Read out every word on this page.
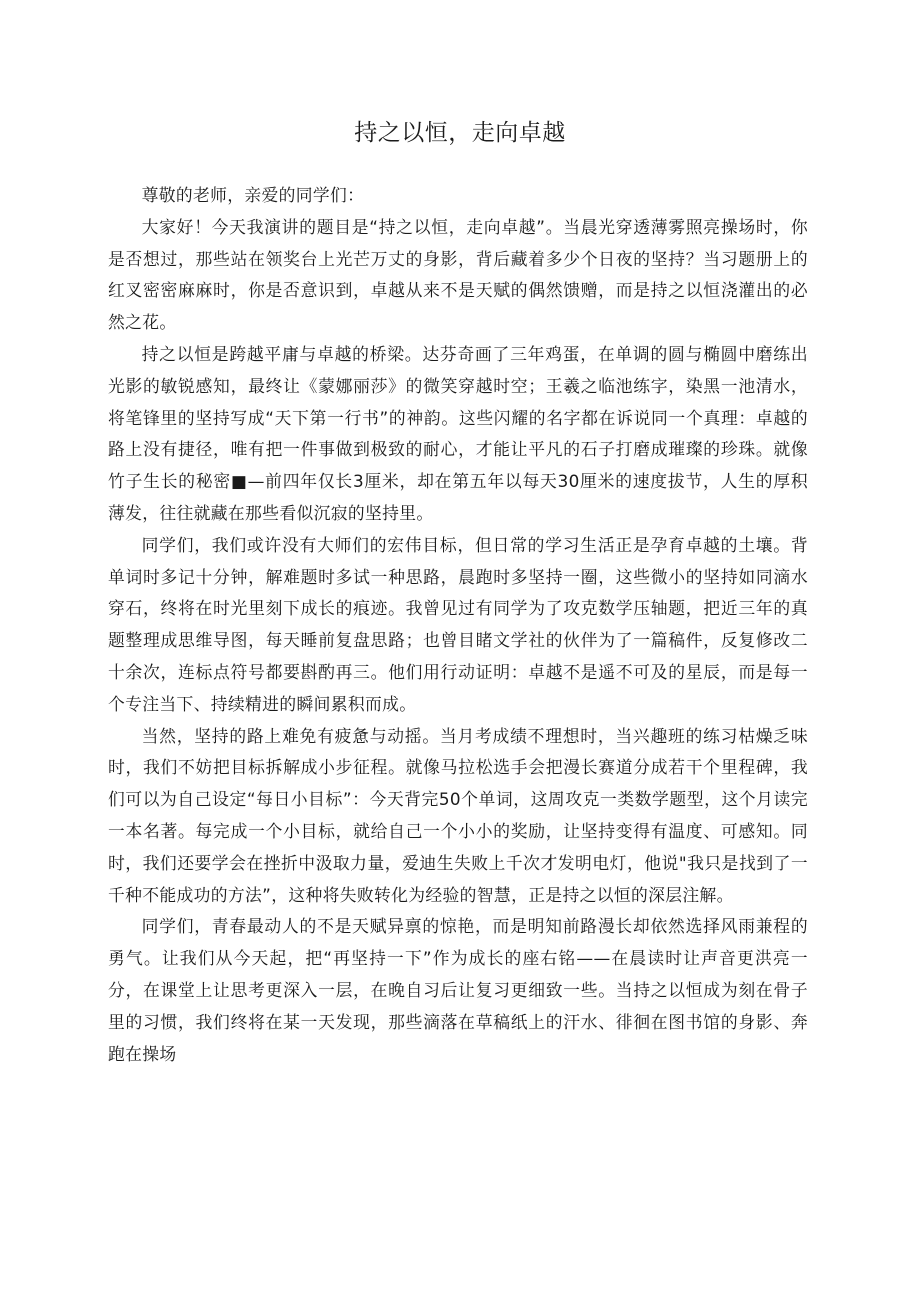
持之以恒，走向卓越

尊敬的老师，亲爱的同学们：

大家好！今天我演讲的题目是“持之以恒，走向卓越”。当晨光穿透薄雾照亮操场时，你是否想过，那些站在领奖台上光芒万丈的身影，背后藏着多少个日夜的坚持？当习题册上的红叉密密麻麻时，你是否意识到，卓越从来不是天赋的偶然馈赠，而是持之以恒浇灌出的必然之花。

持之以恒是跨越平庸与卓越的桥梁。达芬奇画了三年鸡蛋，在单调的圆与椭圆中磨练出光影的敏锐感知，最终让《蒙娜丽莎》的微笑穿越时空；王羲之临池练字，染黑一池清水，将笔锋里的坚持写成“天下第一行书”的神韵。这些闪耀的名字都在诉说同一个真理：卓越的路上没有捷径，唯有把一件事做到极致的耐心，才能让平凡的石子打磨成璀璨的珍珠。就像竹子生长的秘密■—前四年仅长3厘米，却在第五年以每天30厘米的速度拔节，人生的厚积薄发，往往就藏在那些看似沉寂的坚持里。

同学们，我们或许没有大师们的宏伟目标，但日常的学习生活正是孕育卓越的土壤。背单词时多记十分钟，解难题时多试一种思路，晨跑时多坚持一圈，这些微小的坚持如同滴水穿石，终将在时光里刻下成长的痕迹。我曾见过有同学为了攻克数学压轴题，把近三年的真题整理成思维导图，每天睡前复盘思路；也曾目睹文学社的伙伴为了一篇稿件，反复修改二十余次，连标点符号都要斟酌再三。他们用行动证明：卓越不是遥不可及的星辰，而是每一个专注当下、持续精进的瞬间累积而成。

当然，坚持的路上难免有疲惫与动摇。当月考成绩不理想时，当兴趣班的练习枯燥乏味时，我们不妨把目标拆解成小步征程。就像马拉松选手会把漫长赛道分成若干个里程碑，我们可以为自己设定“每日小目标”：今天背完50个单词，这周攻克一类数学题型，这个月读完一本名著。每完成一个小目标，就给自己一个小小的奖励，让坚持变得有温度、可感知。同时，我们还要学会在挫折中汲取力量，爱迪生失败上千次才发明电灯，他说"我只是找到了一千种不能成功的方法”，这种将失败转化为经验的智慧，正是持之以恒的深层注解。

同学们，青春最动人的不是天赋异禀的惊艳，而是明知前路漫长却依然选择风雨兼程的勇气。让我们从今天起，把“再坚持一下”作为成长的座右铭——在晨读时让声音更洪亮一分，在课堂上让思考更深入一层，在晚自习后让复习更细致一些。当持之以恒成为刻在骨子里的习惯，我们终将在某一天发现，那些滴落在草稿纸上的汗水、徘徊在图书馆的身影、奔跑在操场
